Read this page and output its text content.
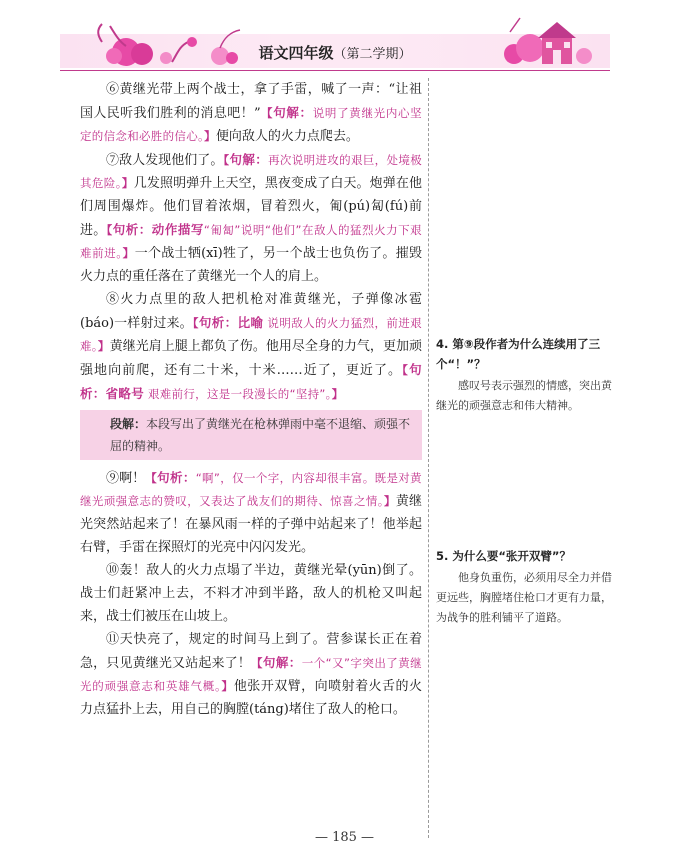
语文四年级（第二学期）

⑥黄继光带上两个战士，拿了手雷，喊了一声：“让祖国人民听我们胜利的消息吧！”【句解：说明了黄继光内心坚定的信念和必胜的信心。】便向敌人的火力点爬去。

⑦敌人发现他们了。【句解：再次说明进攻的艰巨，处境极其危险。】几发照明弹升上天空，黑夜变成了白天。炮弹在他们周围爆炸。他们冒着浓烟，冒着烈火，匍(pú)匐(fú)前进。【句析：动作描写“匍匐”说明“他们”在敌人的猛烈火力下艰难前进。】一个战士牺(xī)牲了，另一个战士也负伤了。摧毁火力点的重任落在了黄继光一个人的肩上。

⑧火力点里的敌人把机枪对准黄继光，子弹像冰雹(báo)一样射过来。【句析：比喻 说明敌人的火力猛烈，前进艰难。】黄继光肩上腿上都负了伤。他用尽全身的力气，更加顽强地向前爬，还有二十米，十米……近了，更近了。【句析：省略号 艰难前行，这是一段漫长的“坚持”。】

段解：本段写出了黄继光在枪林弹雨中毫不退缩、顽强不屈的精神。

⑨啊！【句析：“啊”，仅一个字，内容却很丰富。既是对黄继光顽强意志的赞叹，又表达了战友们的期待、惊喜之情。】黄继光突然站起来了！在暴风雨一样的子弹中站起来了！他举起右臂，手雷在探照灯的光亮中闪闪发光。

⑩轰！敌人的火力点塌了半边，黄继光晕(yūn)倒了。战士们赶紧冲上去，不料才冲到半路，敌人的机枪又叫起来，战士们被压在山坡上。

⑪天快亮了，规定的时间马上到了。营参谋长正在着急，只见黄继光又站起来了！【句解：一个“又”字突出了黄继光的顽强意志和英雄气概。】他张开双臂，向喷射着火舌的火力点猛扑上去，用自己的胸膛(táng)堵住了敌人的枪口。

4. 第⑨段作者为什么连续用了三个“！”？
感叹号表示强烈的情感，突出黄继光的顽强意志和伟大精神。
5. 为什么要“张开双臂”？
他身负重伤，必须用尽全力并借更远些，胸膛堵住枪口才更有力量，为战争的胜利铺平了道路。
— 185 —
